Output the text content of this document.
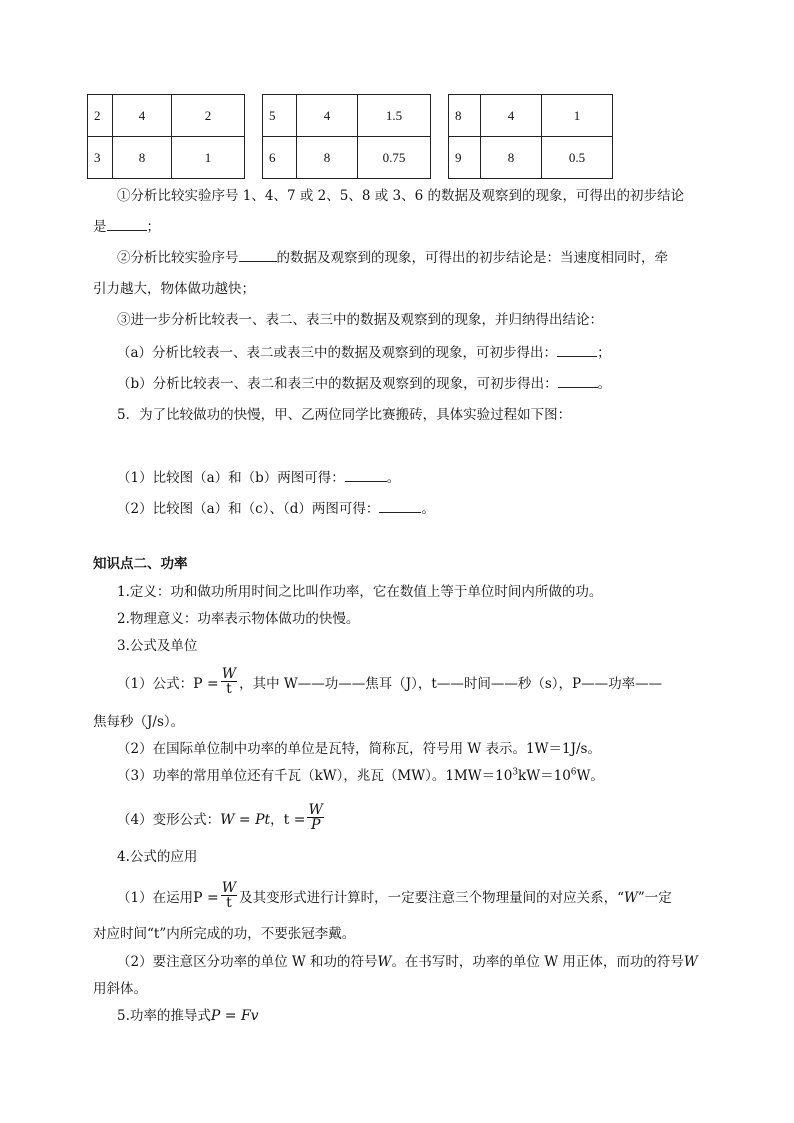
2	4	2	5	4	1.5	8	4	1
3	8	1	6	8	0.75	9	8	0.5
①分析比较实验序号 1、4、7 或 2、5、8 或 3、6 的数据及观察到的现象，可得出的初步结论
是	；
②分析比较实验序号	的数据及观察到的现象，可得出的初步结论是：当速度相同时，牵
引力越大，物体做功越快；
③进一步分析比较表一、表二、表三中的数据及观察到的现象，并归纳得出结论：
（a）分析比较表一、表二或表三中的数据及观察到的现象，可初步得出：	；
（b）分析比较表一、表二和表三中的数据及观察到的现象，可初步得出：	。
5．为了比较做功的快慢，甲、乙两位同学比赛搬砖，具体实验过程如下图：
（1）比较图（a）和（b）两图可得：	。
（2）比较图（a）和（c）、（d）两图可得：	。
知识点二、功率
1.定义：功和做功所用时间之比叫作功率，它在数值上等于单位时间内所做的功。
2.物理意义：功率表示物体做功的快慢。
3.公式及单位
（1）公式：$P = \frac{W}{t}$ ，其中 W——功——焦耳（J），t——时间——秒（s），P——功率——
焦每秒（J/s）。
（2）在国际单位制中功率的单位是瓦特，简称瓦，符号用 W 表示。1W＝1J/s。
（3）功率的常用单位还有千瓦（kW），兆瓦（MW）。$1MW=10^3kW=10^6W$。
（4）变形公式：W = Pt，$t = \frac{W}{P}$
4.公式的应用
（1）在运用$P = \frac{W}{t}$ 及其变形式进行计算时，一定要注意三个物理量间的对应关系，“W”一定
对应时间“t”内所完成的功，不要张冠李戴。
（2）要注意区分功率的单位 W 和功的符号W。在书写时，功率的单位 W 用正体，而功的符号W
用斜体。
5.功率的推导式P = Fv
